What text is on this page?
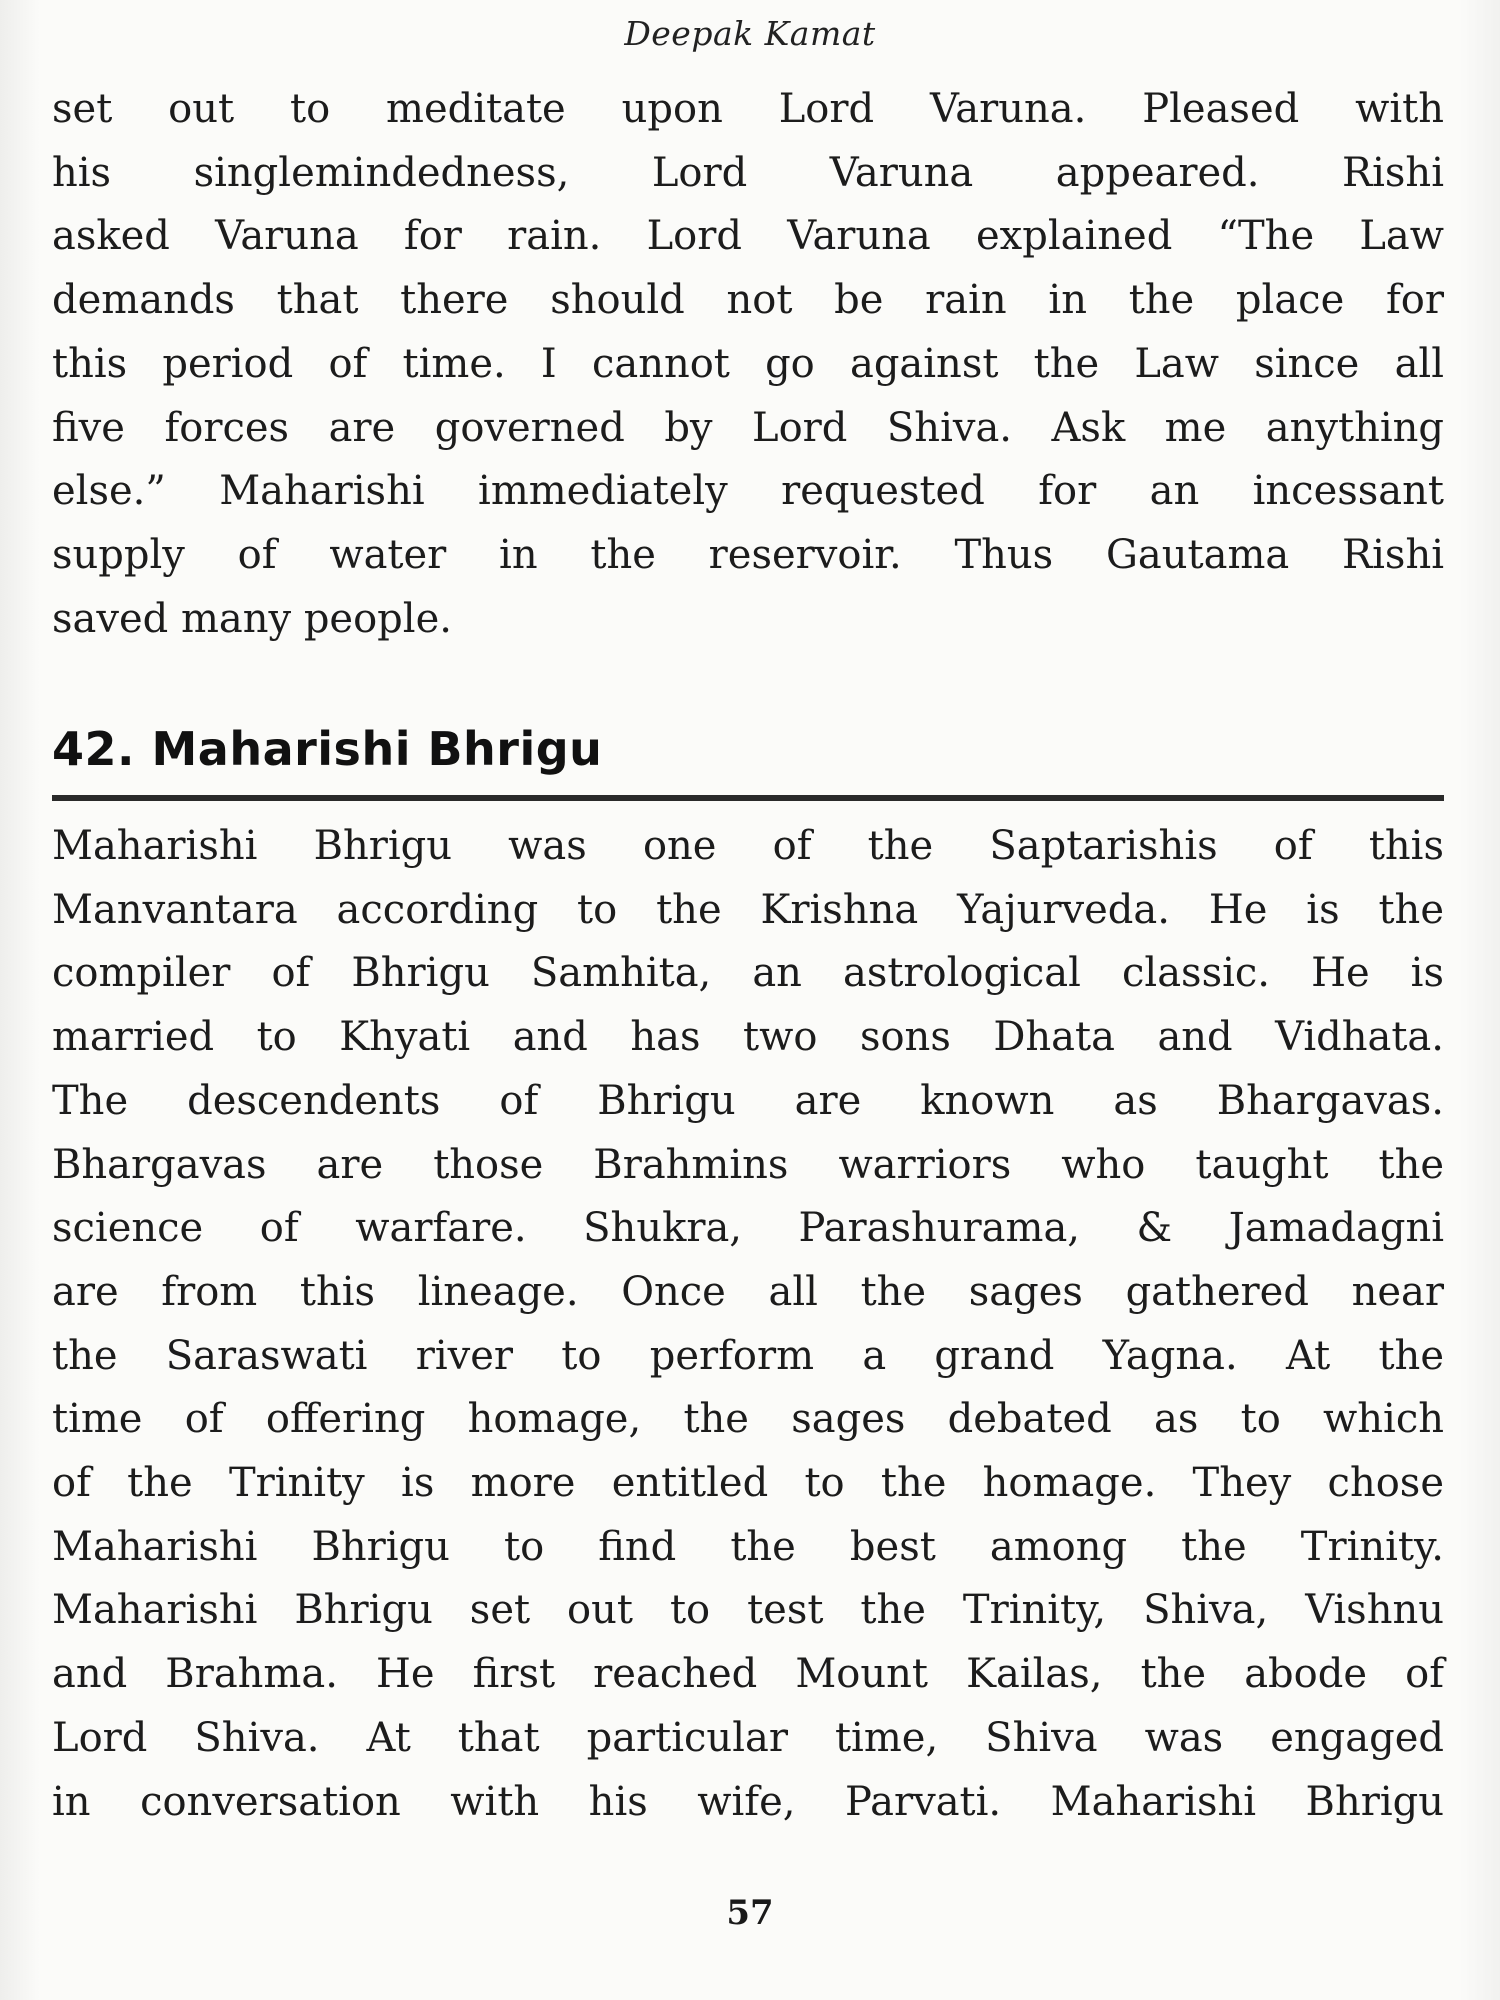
Deepak Kamat

set out to meditate upon Lord Varuna. Pleased with
his singlemindedness, Lord Varuna appeared. Rishi
asked Varuna for rain. Lord Varuna explained “The Law
demands that there should not be rain in the place for
this period of time. I cannot go against the Law since all
five forces are governed by Lord Shiva. Ask me anything
else.” Maharishi immediately requested for an incessant
supply of water in the reservoir. Thus Gautama Rishi
saved many people.

42. Maharishi Bhrigu

Maharishi Bhrigu was one of the Saptarishis of this
Manvantara according to the Krishna Yajurveda. He is the
compiler of Bhrigu Samhita, an astrological classic. He is
married to Khyati and has two sons Dhata and Vidhata.
The descendents of Bhrigu are known as Bhargavas.
Bhargavas are those Brahmins warriors who taught the
science of warfare. Shukra, Parashurama, & Jamadagni
are from this lineage. Once all the sages gathered near
the Saraswati river to perform a grand Yagna. At the
time of offering homage, the sages debated as to which
of the Trinity is more entitled to the homage. They chose
Maharishi Bhrigu to find the best among the Trinity.
Maharishi Bhrigu set out to test the Trinity, Shiva, Vishnu
and Brahma. He first reached Mount Kailas, the abode of
Lord Shiva. At that particular time, Shiva was engaged
in conversation with his wife, Parvati. Maharishi Bhrigu

57
